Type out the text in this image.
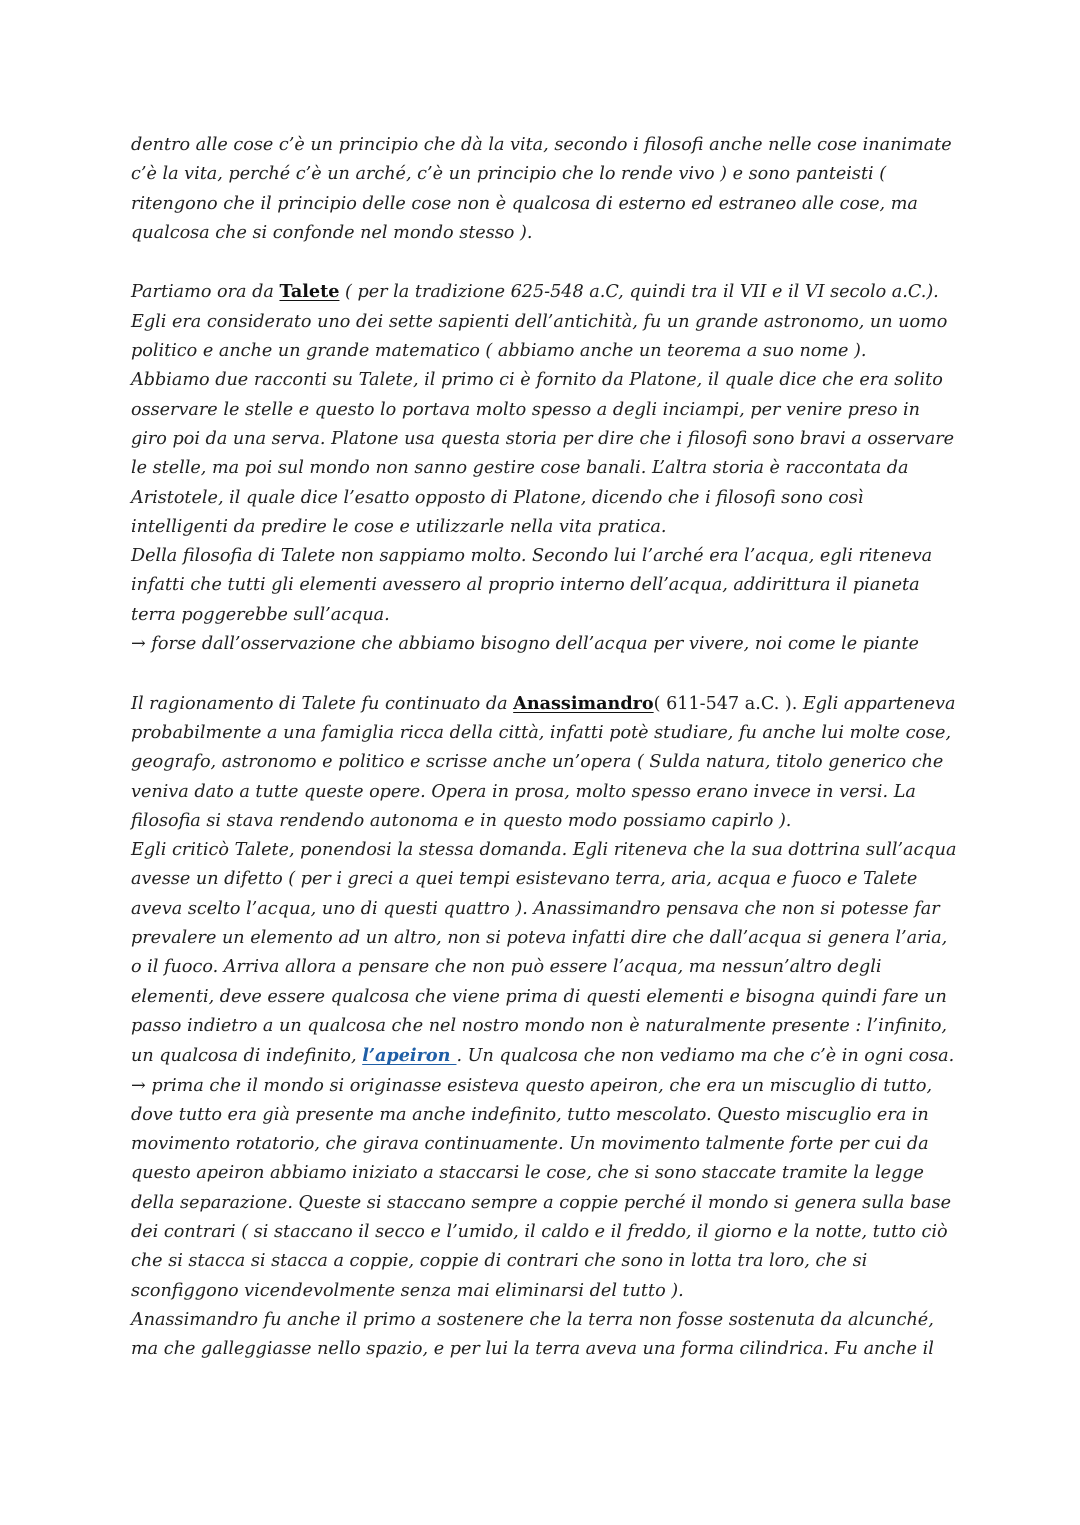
dentro alle cose c’è un principio che dà la vita, secondo i filosofi anche nelle cose inanimate c’è la vita, perché c’è un arché, c’è un principio che lo rende vivo ) e sono panteisti ( ritengono che il principio delle cose non è qualcosa di esterno ed estraneo alle cose, ma qualcosa che si confonde nel mondo stesso ).

Partiamo ora da Talete ( per la tradizione 625-548 a.C, quindi tra il VII e il VI secolo a.C.).

Egli era considerato uno dei sette sapienti dell’antichità, fu un grande astronomo, un uomo politico e anche un grande matematico ( abbiamo anche un teorema a suo nome ).

Abbiamo due racconti su Talete, il primo ci è fornito da Platone, il quale dice che era solito osservare le stelle e questo lo portava molto spesso a degli inciampi, per venire preso in giro poi da una serva. Platone usa questa storia per dire che i filosofi sono bravi a osservare le stelle, ma poi sul mondo non sanno gestire cose banali. L’altra storia è raccontata da Aristotele, il quale dice l’esatto opposto di Platone, dicendo che i filosofi sono così intelligenti da predire le cose e utilizzarle nella vita pratica.

Della filosofia di Talete non sappiamo molto. Secondo lui l’arché era l’acqua, egli riteneva infatti che tutti gli elementi avessero al proprio interno dell’acqua, addirittura il pianeta terra poggerebbe sull’acqua.

→ forse dall’osservazione che abbiamo bisogno dell’acqua per vivere, noi come le piante

Il ragionamento di Talete fu continuato da Anassimandro( 611-547 a.C. ). Egli apparteneva probabilmente a una famiglia ricca della città, infatti potè studiare, fu anche lui molte cose, geografo, astronomo e politico e scrisse anche un’opera ( Sulda natura, titolo generico che veniva dato a tutte queste opere. Opera in prosa, molto spesso erano invece in versi. La filosofia si stava rendendo autonoma e in questo modo possiamo capirlo ).

Egli criticò Talete, ponendosi la stessa domanda. Egli riteneva che la sua dottrina sull’acqua avesse un difetto ( per i greci a quei tempi esistevano terra, aria, acqua e fuoco e Talete aveva scelto l’acqua, uno di questi quattro ). Anassimandro pensava che non si potesse far prevalere un elemento ad un altro, non si poteva infatti dire che dall’acqua si genera l’aria, o il fuoco. Arriva allora a pensare che non può essere l’acqua, ma nessun’altro degli elementi, deve essere qualcosa che viene prima di questi elementi e bisogna quindi fare un passo indietro a un qualcosa che nel nostro mondo non è naturalmente presente : l’infinito, un qualcosa di indefinito, l’apeiron . Un qualcosa che non vediamo ma che c’è in ogni cosa.

→ prima che il mondo si originasse esisteva questo apeiron, che era un miscuglio di tutto, dove tutto era già presente ma anche indefinito, tutto mescolato. Questo miscuglio era in movimento rotatorio, che girava continuamente. Un movimento talmente forte per cui da questo apeiron abbiamo iniziato a staccarsi le cose, che si sono staccate tramite la legge della separazione. Queste si staccano sempre a coppie perché il mondo si genera sulla base dei contrari ( si staccano il secco e l’umido, il caldo e il freddo, il giorno e la notte, tutto ciò che si stacca si stacca a coppie, coppie di contrari che sono in lotta tra loro, che si sconfiggono vicendevolmente senza mai eliminarsi del tutto ).

Anassimandro fu anche il primo a sostenere che la terra non fosse sostenuta da alcunché, ma che galleggiasse nello spazio, e per lui la terra aveva una forma cilindrica. Fu anche il
